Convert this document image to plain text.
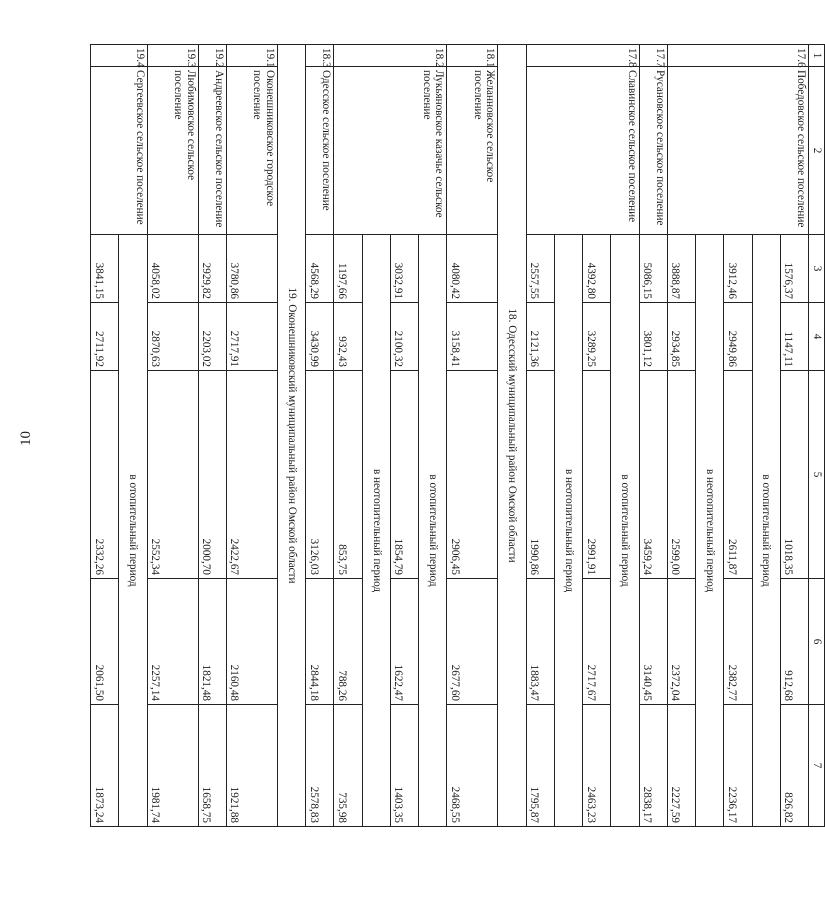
10
1	2	3	4	5	6	7
17.6	Победовское сельское поселение	1576,37	1147,11	1018,35	912,68	826,82
		в отопительный период				
		3912,46	2949,86	2611,87	2382,77	2236,17
		в неотопительный период				
		3888,87	2934,85	2599,00	2372,04	2227,59
17.7	Русановское сельское поселение	5086,15	3801,12	3459,24	3140,45	2838,17
17.8	Славинское сельское поселение	в отопительный период				
		4392,80	3289,25	2991,91	2717,67	2463,23
		в неотопительный период				
		2557,55	2121,36	1990,86	1883,47	1795,87
18. Одесский муниципальный район Омской области						
18.1	Желанновское сельское поселение	4080,42	3158,41	2906,45	2677,60	2468,55
18.2	Лукьяновское казачье сельское поселение	в отопительный период				
		3032,91	2100,32	1854,79	1622,47	1403,35
		в неотопительный период				
		1197,66	932,43	853,75	788,26	735,98
18.3	Одесское сельское поселение	4568,29	3430,99	3126,03	2844,18	2578,83
19. Оконешниковский муниципальный район Омской области						
19.1	Оконешниковское городское поселение	3780,86	2717,91	2422,67	2160,48	1921,88
19.2	Андреевское сельское поселение	2929,82	2203,02	2000,70	1821,48	1658,75
19.3	Любимовское сельское поселение	4058,02	2870,63	2552,34	2257,14	1981,74
19.4	Сергеевское сельское поселение	в отопительный период				
		3841,15	2711,92	2332,26	2061,50	1873,24
